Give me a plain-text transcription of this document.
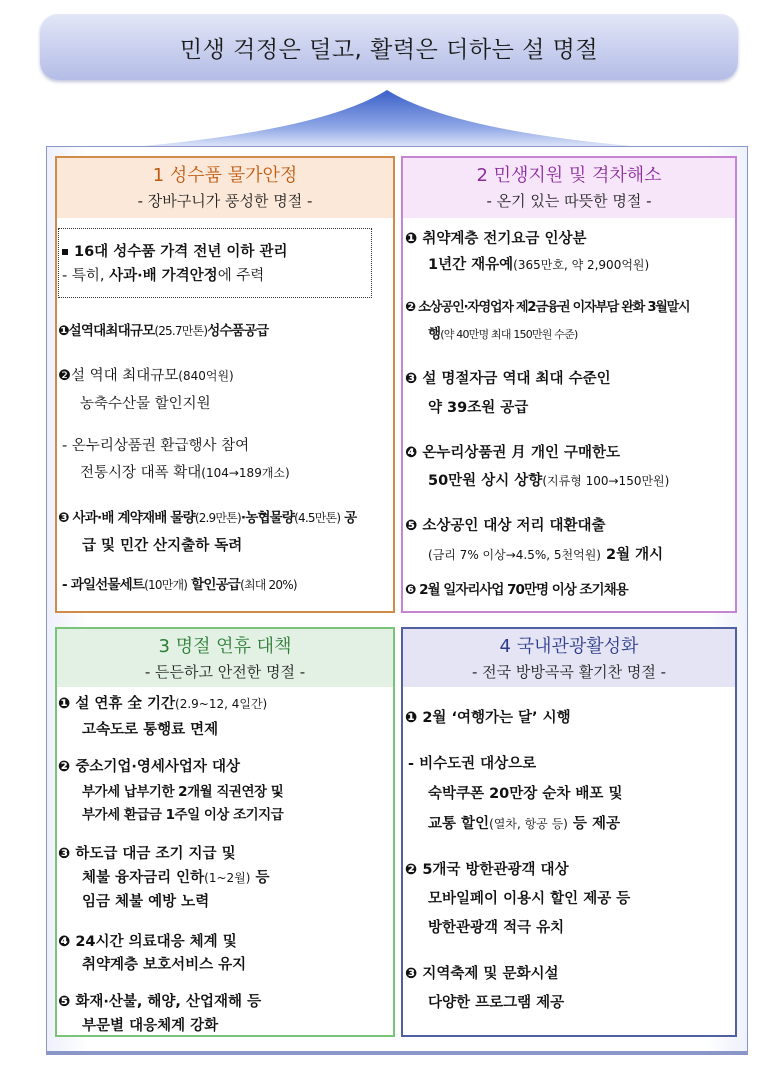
민생 걱정은 덜고, 활력은 더하는 설 명절
1 성수품 물가안정
- 장바구니가 풍성한 명절 -
16대 성수품 가격 전년 이하 관리
- 특히, 사과·배 가격안정에 주력
❶설역대최대규모(25.7만톤)성수품공급
❷설 역대 최대규모(840억원)
농축수산물 할인지원
- 온누리상품권 환급행사 참여
전통시장 대폭 확대(104→189개소)
❸ 사과·배 계약재배 물량(2.9만톤)·농협물량(4.5만톤) 공
급 및 민간 산지출하 독려
- 과일선물세트(10만개) 할인공급(최대 20%)
2 민생지원 및 격차해소
- 온기 있는 따뜻한 명절 -
❶ 취약계층 전기요금 인상분
1년간 재유예(365만호, 약 2,900억원)
❷ 소상공인·자영업자 제2금융권 이자부담 완화 3월말시
행(약 40만명 최대 150만원 수준)
❸ 설 명절자금 역대 최대 수준인
약 39조원 공급
❹ 온누리상품권 月 개인 구매한도
50만원 상시 상향(지류형 100→150만원)
❺ 소상공인 대상 저리 대환대출
(금리 7% 이상→4.5%, 5천억원) 2월 개시
❻ 2월 일자리사업 70만명 이상 조기채용
3 명절 연휴 대책
- 든든하고 안전한 명절 -
❶ 설 연휴 全 기간(2.9~12, 4일간)
고속도로 통행료 면제
❷ 중소기업·영세사업자 대상
부가세 납부기한 2개월 직권연장 및
부가세 환급금 1주일 이상 조기지급
❸ 하도급 대금 조기 지급 및
체불 융자금리 인하(1~2월) 등
임금 체불 예방 노력
❹ 24시간 의료대응 체계 및
취약계층 보호서비스 유지
❺ 화재·산불, 해양, 산업재해 등
부문별 대응체계 강화
4 국내관광활성화
- 전국 방방곡곡 활기찬 명절 -
❶ 2월 ‘여행가는 달’ 시행
- 비수도권 대상으로
숙박쿠폰 20만장 순차 배포 및
교통 할인(열차, 항공 등) 등 제공
❷ 5개국 방한관광객 대상
모바일페이 이용시 할인 제공 등
방한관광객 적극 유치
❸ 지역축제 및 문화시설
다양한 프로그램 제공
